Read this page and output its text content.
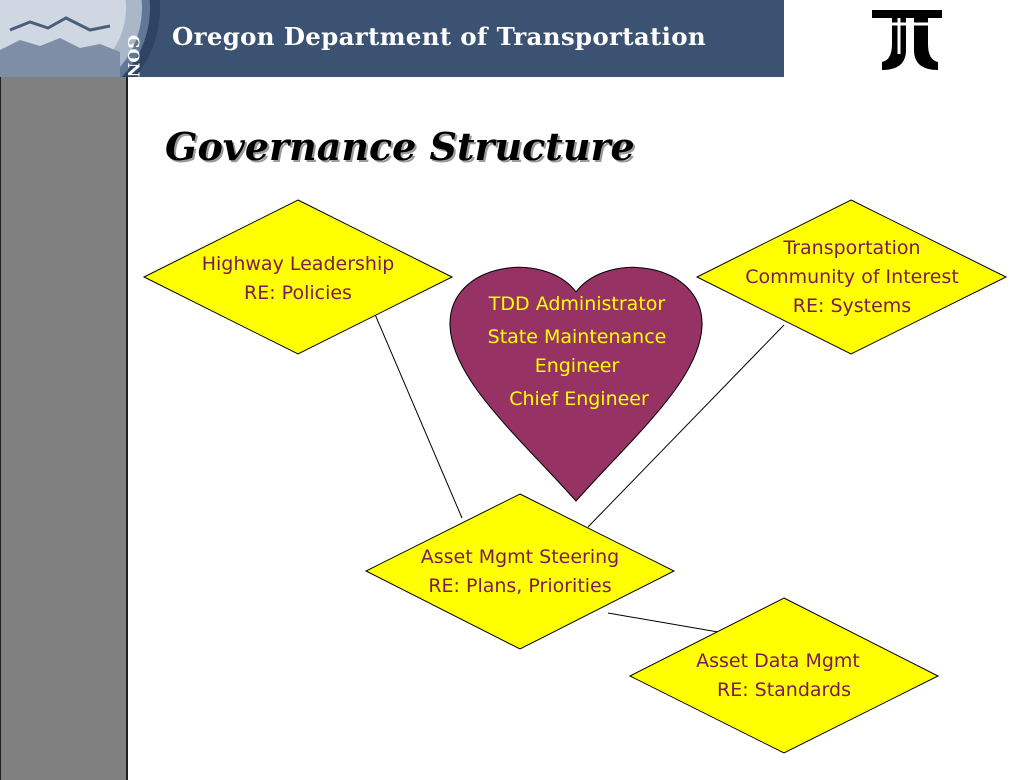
GON Oregon Department of Transportation
Governance Structure
Highway Leadership
RE: Policies
Transportation
Community of Interest
RE: Systems
TDD Administrator
State Maintenance
Engineer
Chief Engineer
Asset Mgmt Steering
RE: Plans, Priorities
Asset Data Mgmt
RE: Standards
